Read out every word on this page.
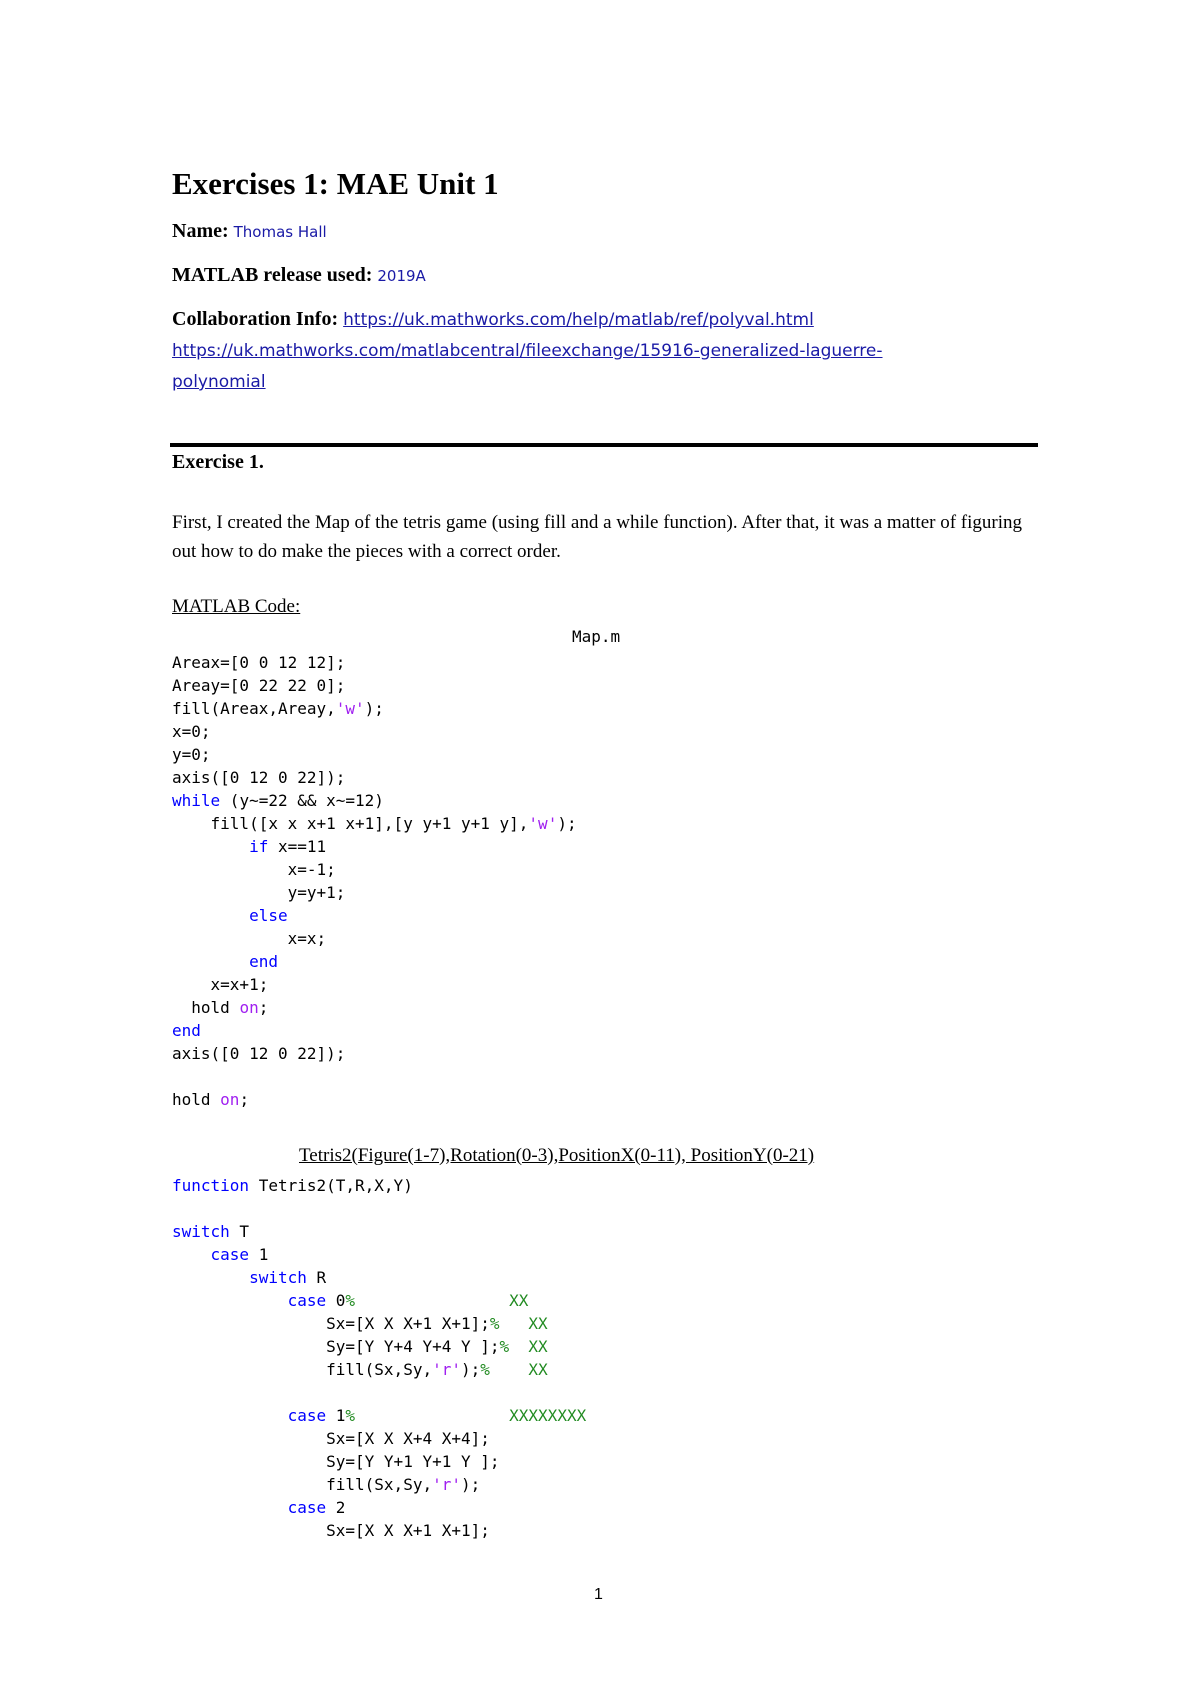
Exercises 1: MAE Unit 1
Name: Thomas Hall
MATLAB release used: 2019A
Collaboration Info: https://uk.mathworks.com/help/matlab/ref/polyval.html
https://uk.mathworks.com/matlabcentral/fileexchange/15916-generalized-laguerre-
polynomial
Exercise 1.

First, I created the Map of the tetris game (using fill and a while function). After that, it was a matter of figuring out how to do make the pieces with a correct order.

MATLAB Code:
Map.m
Areax=[0 0 12 12];
Areay=[0 22 22 0];
fill(Areax,Areay,'w');
x=0;
y=0;
axis([0 12 0 22]);
while (y~=22 && x~=12)
fill([x x x+1 x+1],[y y+1 y+1 y],'w');
if x==11
x=-1;
y=y+1;
else
x=x;
end
x=x+1;
hold on;
end
axis([0 12 0 22]);

hold on;
Tetris2(Figure(1-7),Rotation(0-3),PositionX(0-11), PositionY(0-21)
function Tetris2(T,R,X,Y)

switch T
case 1
switch R
case 0%                XX
Sx=[X X X+1 X+1];%   XX
Sy=[Y Y+4 Y+4 Y ];%  XX
fill(Sx,Sy,'r');%    XX

case 1%                XXXXXXXX
Sx=[X X X+4 X+4];
Sy=[Y Y+1 Y+1 Y ];
fill(Sx,Sy,'r');
case 2
Sx=[X X X+1 X+1];
1
